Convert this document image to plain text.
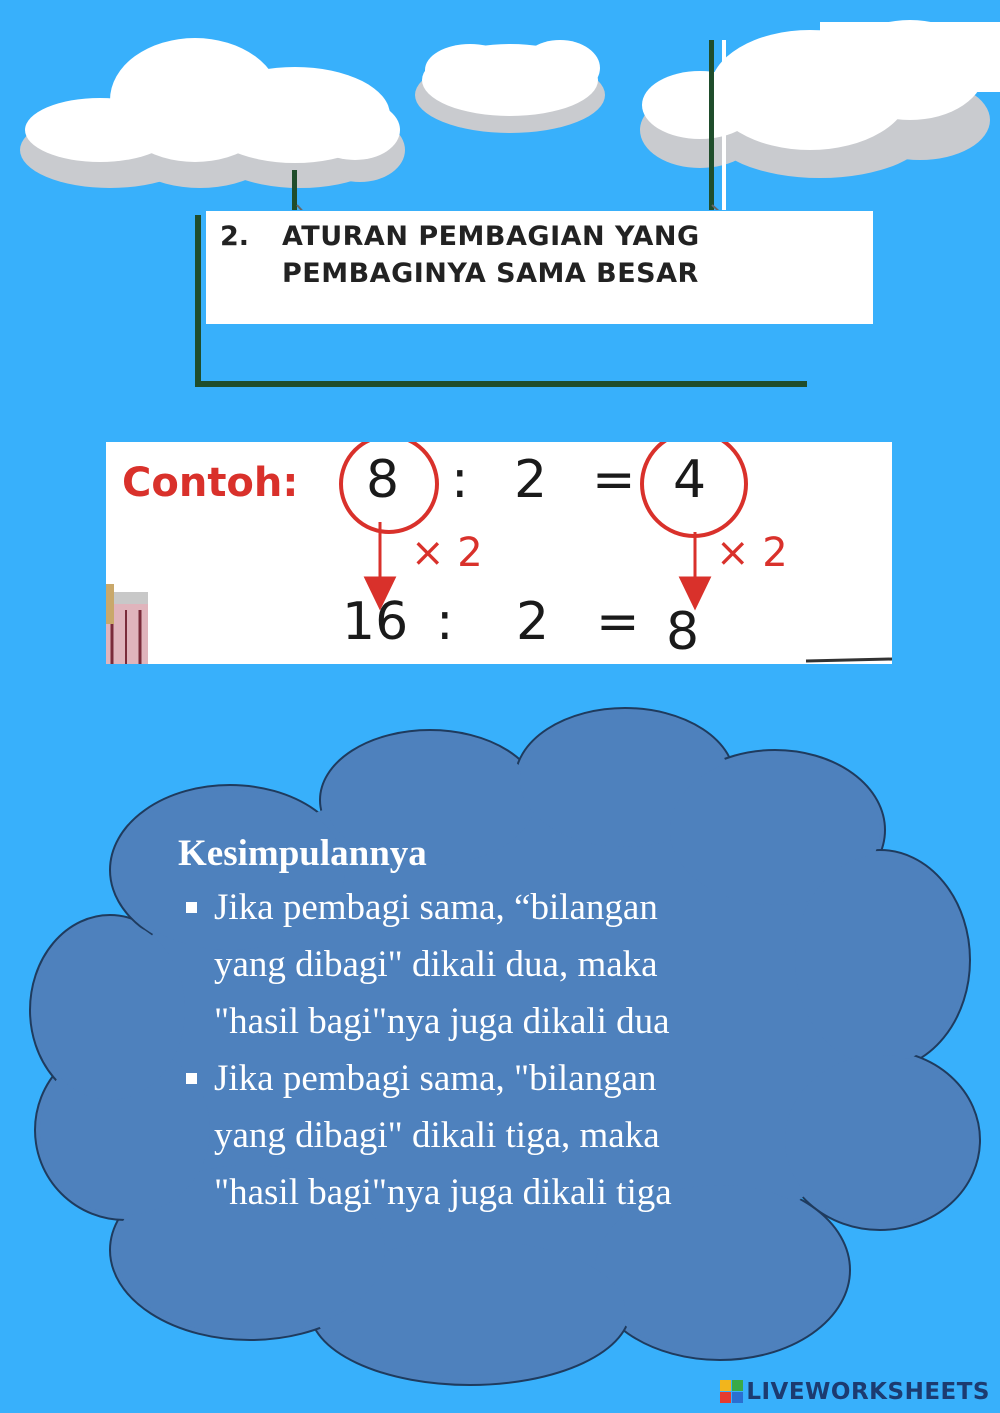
2. ATURAN PEMBAGIAN YANG
PEMBAGINYA SAMA BESAR
Contoh: 8 : 2 = 4
× 2	× 2
16 : 2 = 8
Kesimpulannya
Jika pembagi sama, “bilangan
yang dibagi" dikali dua, maka
"hasil bagi"nya juga dikali dua
Jika pembagi sama, "bilangan
yang dibagi" dikali tiga, maka
"hasil bagi"nya juga dikali tiga
LIVEWORKSHEETS
